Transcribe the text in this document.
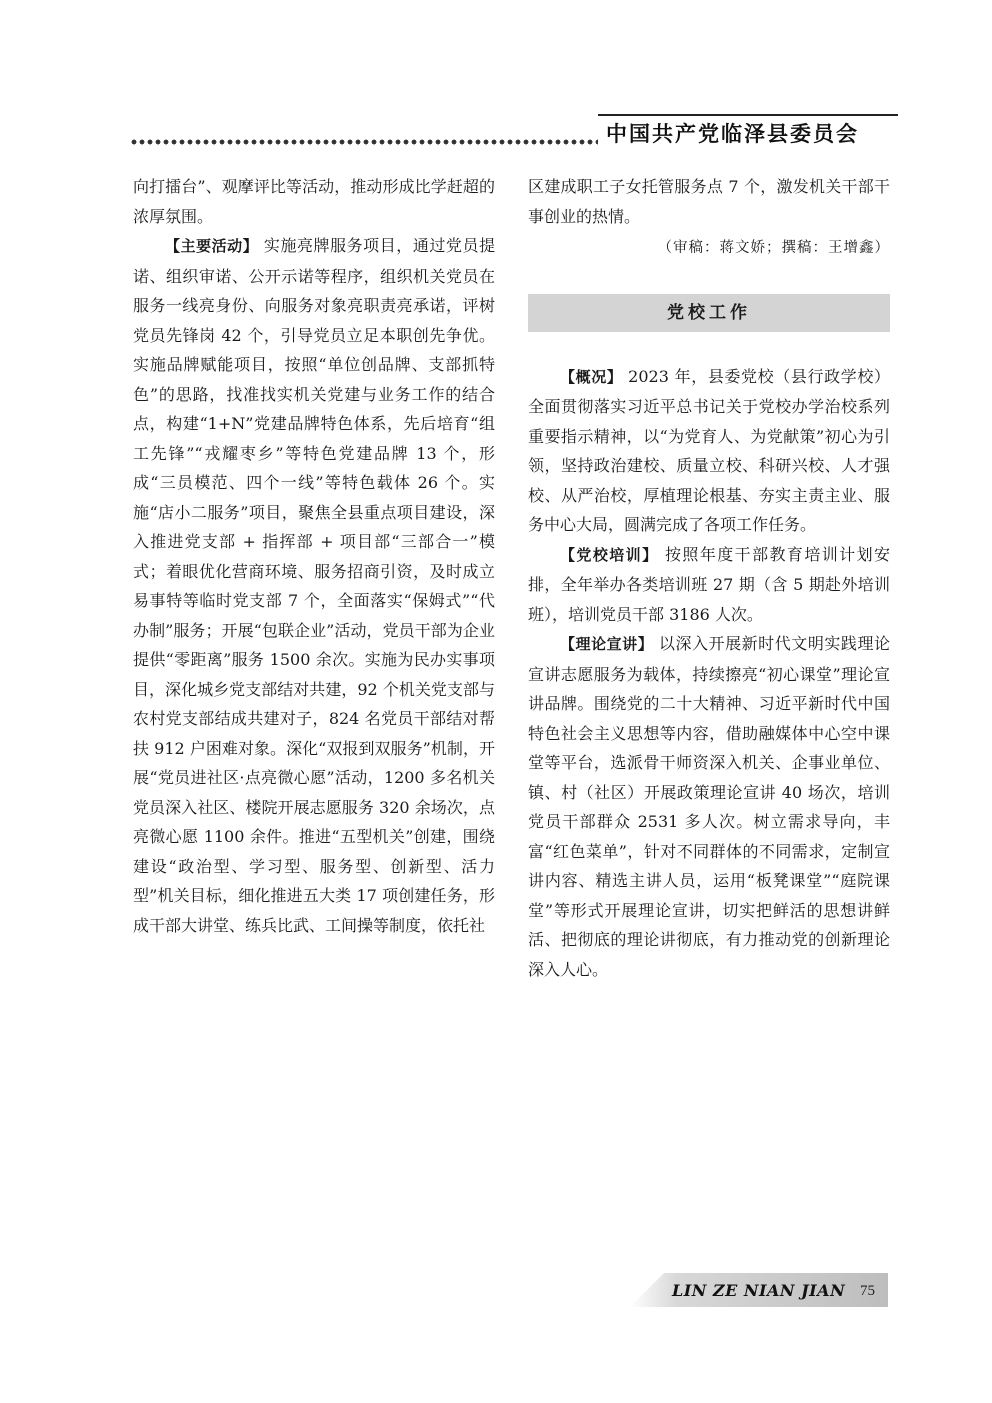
中国共产党临泽县委员会

向打擂台”、观摩评比等活动，推动形成比学赶超的浓厚氛围。

【主要活动】 实施亮牌服务项目，通过党员提诺、组织审诺、公开示诺等程序，组织机关党员在服务一线亮身份、向服务对象亮职责亮承诺，评树党员先锋岗 42 个，引导党员立足本职创先争优。实施品牌赋能项目，按照“单位创品牌、支部抓特色”的思路，找准找实机关党建与业务工作的结合点，构建“1+N”党建品牌特色体系，先后培育“组工先锋”“戎耀枣乡”等特色党建品牌 13 个，形成“三员模范、四个一线”等特色载体 26 个。实施“店小二服务”项目，聚焦全县重点项目建设，深入推进党支部 + 指挥部 + 项目部“三部合一”模式；着眼优化营商环境、服务招商引资，及时成立易事特等临时党支部 7 个，全面落实“保姆式”“代办制”服务；开展“包联企业”活动，党员干部为企业提供“零距离”服务 1500 余次。实施为民办实事项目，深化城乡党支部结对共建，92 个机关党支部与农村党支部结成共建对子，824 名党员干部结对帮扶 912 户困难对象。深化“双报到双服务”机制，开展“党员进社区·点亮微心愿”活动，1200 多名机关党员深入社区、楼院开展志愿服务 320 余场次，点亮微心愿 1100 余件。推进“五型机关”创建，围绕建设“政治型、学习型、服务型、创新型、活力型”机关目标，细化推进五大类 17 项创建任务，形成干部大讲堂、练兵比武、工间操等制度，依托社

区建成职工子女托管服务点 7 个，激发机关干部干事创业的热情。

（审稿：蒋文娇；撰稿：王增鑫）

党校工作

【概况】 2023 年，县委党校（县行政学校）全面贯彻落实习近平总书记关于党校办学治校系列重要指示精神，以“为党育人、为党献策”初心为引领，坚持政治建校、质量立校、科研兴校、人才强校、从严治校，厚植理论根基、夯实主责主业、服务中心大局，圆满完成了各项工作任务。

【党校培训】 按照年度干部教育培训计划安排，全年举办各类培训班 27 期（含 5 期赴外培训班），培训党员干部 3186 人次。

【理论宣讲】 以深入开展新时代文明实践理论宣讲志愿服务为载体，持续擦亮“初心课堂”理论宣讲品牌。围绕党的二十大精神、习近平新时代中国特色社会主义思想等内容，借助融媒体中心空中课堂等平台，选派骨干师资深入机关、企事业单位、镇、村（社区）开展政策理论宣讲 40 场次，培训党员干部群众 2531 多人次。树立需求导向，丰富“红色菜单”，针对不同群体的不同需求，定制宣讲内容、精选主讲人员，运用“板凳课堂”“庭院课堂”等形式开展理论宣讲，切实把鲜活的思想讲鲜活、把彻底的理论讲彻底，有力推动党的创新理论深入人心。

LIN ZE NIAN JIAN 75
